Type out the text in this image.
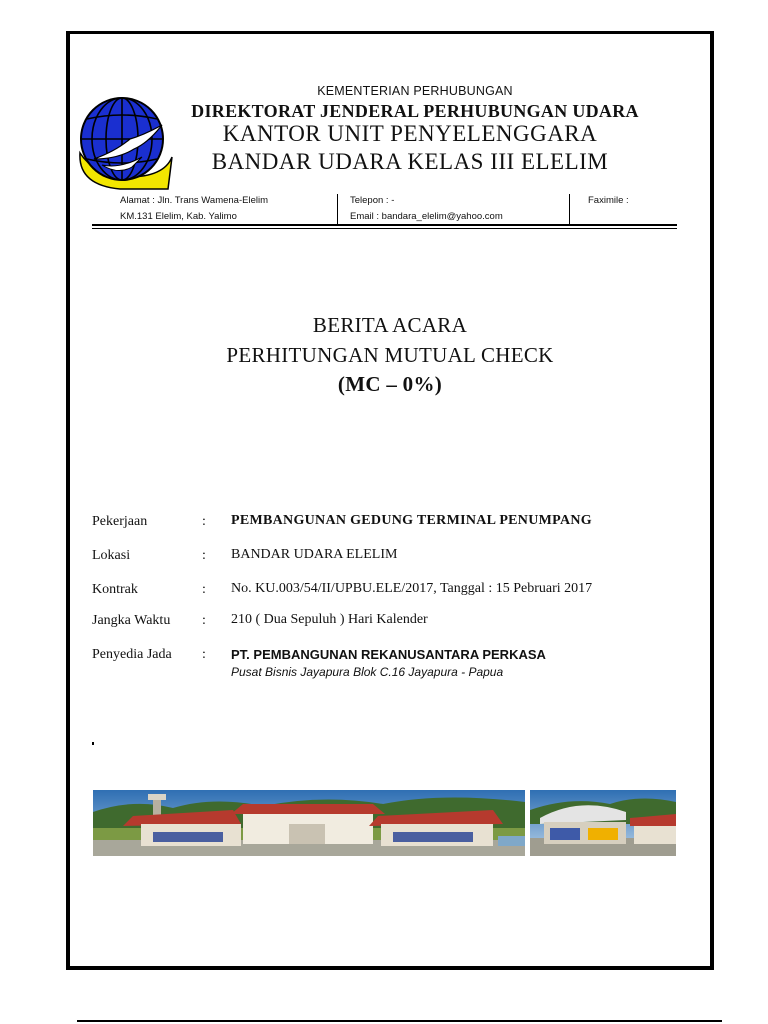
KEMENTERIAN PERHUBUNGAN
DIREKTORAT JENDERAL PERHUBUNGAN UDARA
KANTOR UNIT PENYELENGGARA
BANDAR UDARA KELAS III ELELIM
Alamat : Jln. Trans Wamena-Elelim
KM.131 Elelim, Kab. Yalimo
Telepon : -
Email : bandara_elelim@yahoo.com
Faximile :
BERITA ACARA
PERHITUNGAN MUTUAL CHECK
(MC – 0%)
Pekerjaan	: PEMBANGUNAN GEDUNG TERMINAL PENUMPANG
Lokasi	: BANDAR UDARA ELELIM
Kontrak	: No. KU.003/54/II/UPBU.ELE/2017, Tanggal : 15 Pebruari 2017
Jangka Waktu : 210 ( Dua Sepuluh ) Hari Kalender
Penyedia Jada : PT. PEMBANGUNAN REKANUSANTARA PERKASA
Pusat Bisnis Jayapura Blok C.16 Jayapura - Papua
